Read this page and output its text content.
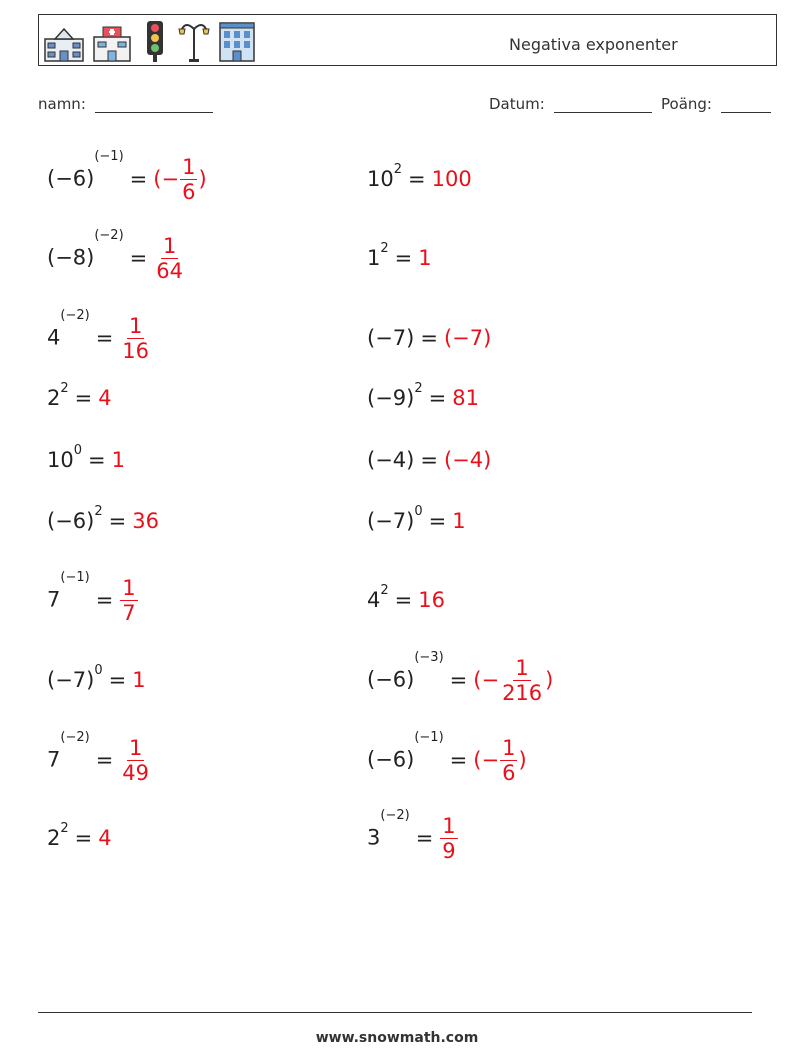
Negativa exponenter
namn:	Datum:	Poäng:
$(-6)^{(-1)}=$ (− $\frac{1}{6}$ )	$10^2 = 100$
$(-8)^{(-2)}= \frac{1}{64}$	$1^2 = 1$
$4^{(-2)}= \frac{1}{16}$	(−7) = (−7)
$2^2 = 4$	$(-9)^2 = 81$
$10^0 = 1$	(−4) = (−4)
$(-6)^2 = 36$	$(-7)^0 = 1$
$7^{(-1)}= \frac{1}{7}$	$4^2 = 16$
$(-7)^0 = 1$	$(-6)^{(-3)}=$ (− $\frac{1}{216}$ )
$7^{(-2)}= \frac{1}{49}$	$(-6)^{(-1)}=$ (− $\frac{1}{6}$ )
$2^2 = 4$	$3^{(-2)}= \frac{1}{9}$
www.snowmath.com
